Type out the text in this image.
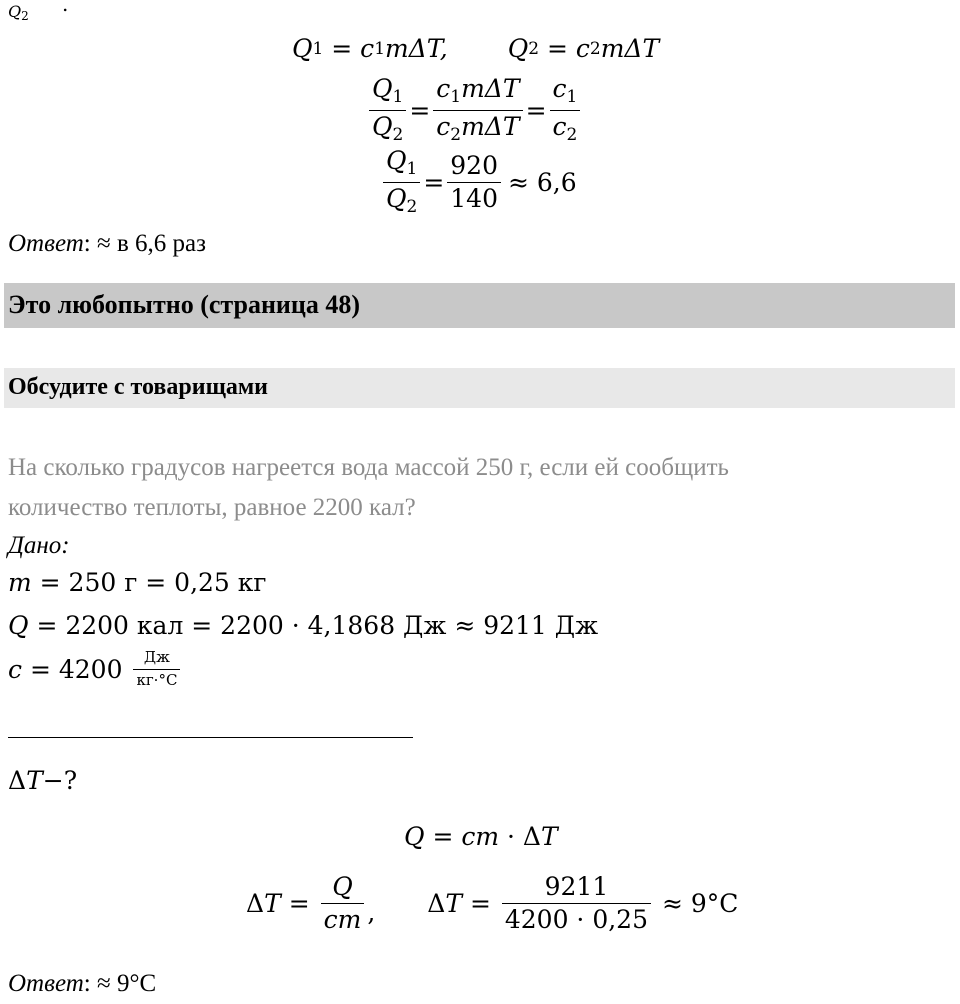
$Q_2$ .
Q 1 = c 1 mΔT, Q 2 = c 2 mΔT
$\frac{Q_1}{Q_2} = \frac{c_1m\Delta T}{c_2m\Delta T} = \frac{c_1}{c_2}$
$\frac{Q_1}{Q_2} = \frac{920}{140} \approx 6,6$
Ответ: ≈ в 6,6 раз
Это любопытно (страница 48)
Обсудите с товарищами
На сколько градусов нагреется вода массой 250 г, если ей сообщить
количество теплоты, равное 2200 кал?
Дано:
m = 250 г = 0,25 кг
Q = 2200 кал = 2200 · 4,1868 Дж ≈ 9211 Дж
$c = 4200 \frac{Дж}{кг\cdot^\circ С}$
ΔT−?
Q = cm · ΔT
Δ $T = \frac{Q}{cm}$ , Δ $T = \frac{9211}{4200 \cdot 0,25} \approx 9^\circ С$
Ответ: ≈ 9°С
